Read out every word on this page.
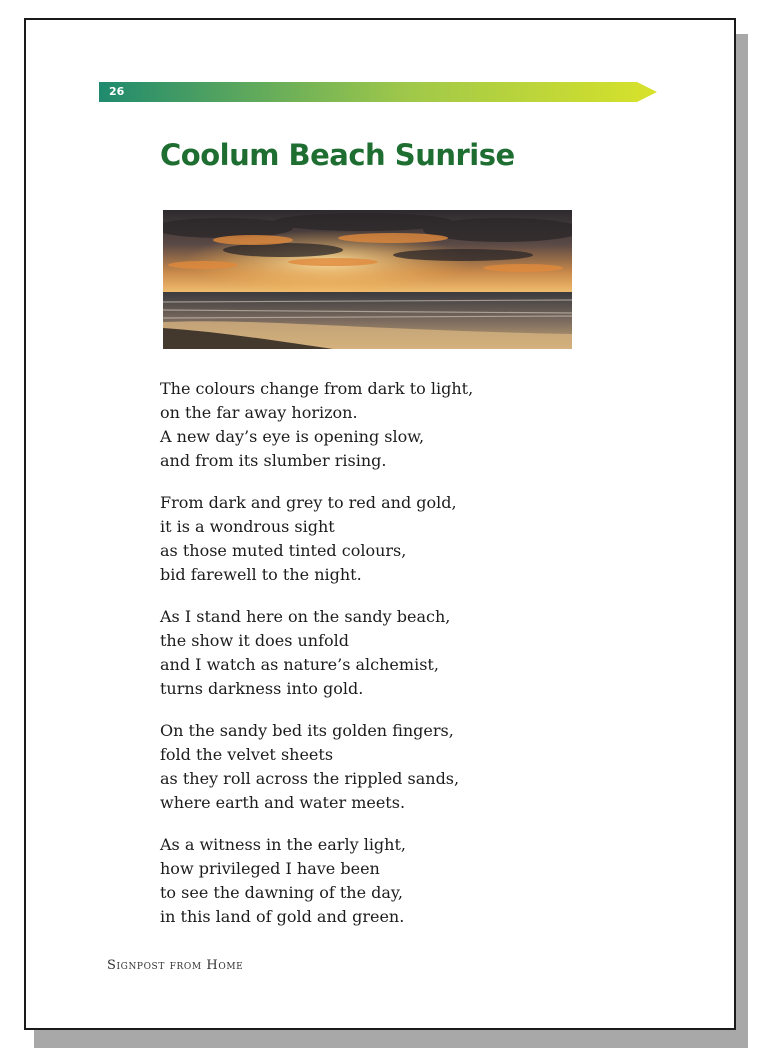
26
Coolum Beach Sunrise

The colours change from dark to light,
on the far away horizon.
A new day’s eye is opening slow,
and from its slumber rising.

From dark and grey to red and gold,
it is a wondrous sight
as those muted tinted colours,
bid farewell to the night.

As I stand here on the sandy beach,
the show it does unfold
and I watch as nature’s alchemist,
turns darkness into gold.

On the sandy bed its golden fingers,
fold the velvet sheets
as they roll across the rippled sands,
where earth and water meets.

As a witness in the early light,
how privileged I have been
to see the dawning of the day,
in this land of gold and green.

Signpost from Home
